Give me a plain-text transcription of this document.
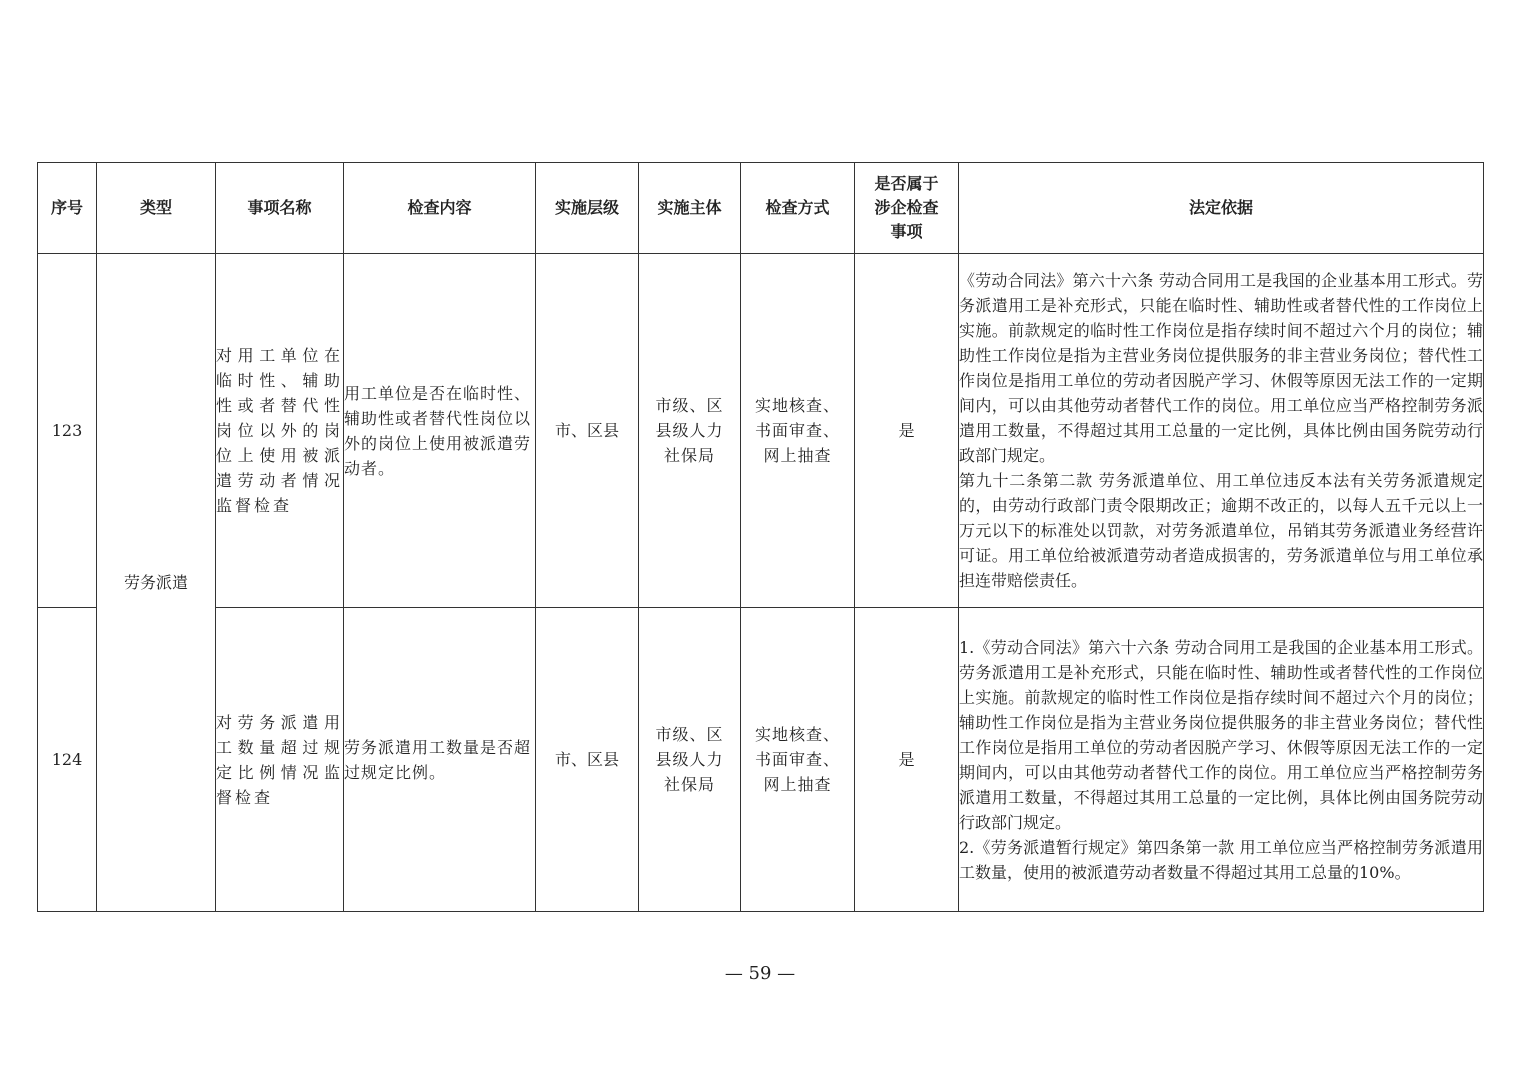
序号	类型	事项名称	检查内容	实施层级	实施主体	检查方式	是否属于涉企检查事项	法定依据
123	劳务派遣	对用工单位在临时性、辅助性或者替代性岗位以外的岗位上使用被派遣劳动者情况监督检查	用工单位是否在临时性、辅助性或者替代性岗位以外的岗位上使用被派遣劳动者。	市、区县	市级、区县级人力社保局	实地核查、书面审查、网上抽查	是	《劳动合同法》第六十六条 劳动合同用工是我国的企业基本用工形式。劳务派遣用工是补充形式，只能在临时性、辅助性或者替代性的工作岗位上实施。前款规定的临时性工作岗位是指存续时间不超过六个月的岗位；辅助性工作岗位是指为主营业务岗位提供服务的非主营业务岗位；替代性工作岗位是指用工单位的劳动者因脱产学习、休假等原因无法工作的一定期间内，可以由其他劳动者替代工作的岗位。用工单位应当严格控制劳务派遣用工数量，不得超过其用工总量的一定比例，具体比例由国务院劳动行政部门规定。

第九十二条第二款 劳务派遣单位、用工单位违反本法有关劳务派遣规定的，由劳动行政部门责令限期改正；逾期不改正的，以每人五千元以上一万元以下的标准处以罚款，对劳务派遣单位，吊销其劳务派遣业务经营许可证。用工单位给被派遣劳动者造成损害的，劳务派遣单位与用工单位承担连带赔偿责任。

124		对劳务派遣用工数量超过规定比例情况监督检查	劳务派遣用工数量是否超过规定比例。	市、区县	市级、区县级人力社保局	实地核查、书面审查、网上抽查	是	1.《劳动合同法》第六十六条 劳动合同用工是我国的企业基本用工形式。劳务派遣用工是补充形式，只能在临时性、辅助性或者替代性的工作岗位上实施。前款规定的临时性工作岗位是指存续时间不超过六个月的岗位；辅助性工作岗位是指为主营业务岗位提供服务的非主营业务岗位；替代性工作岗位是指用工单位的劳动者因脱产学习、休假等原因无法工作的一定期间内，可以由其他劳动者替代工作的岗位。用工单位应当严格控制劳务派遣用工数量，不得超过其用工总量的一定比例，具体比例由国务院劳动行政部门规定。

2.《劳务派遣暂行规定》第四条第一款 用工单位应当严格控制劳务派遣用工数量，使用的被派遣劳动者数量不得超过其用工总量的10%。

— 59 —
